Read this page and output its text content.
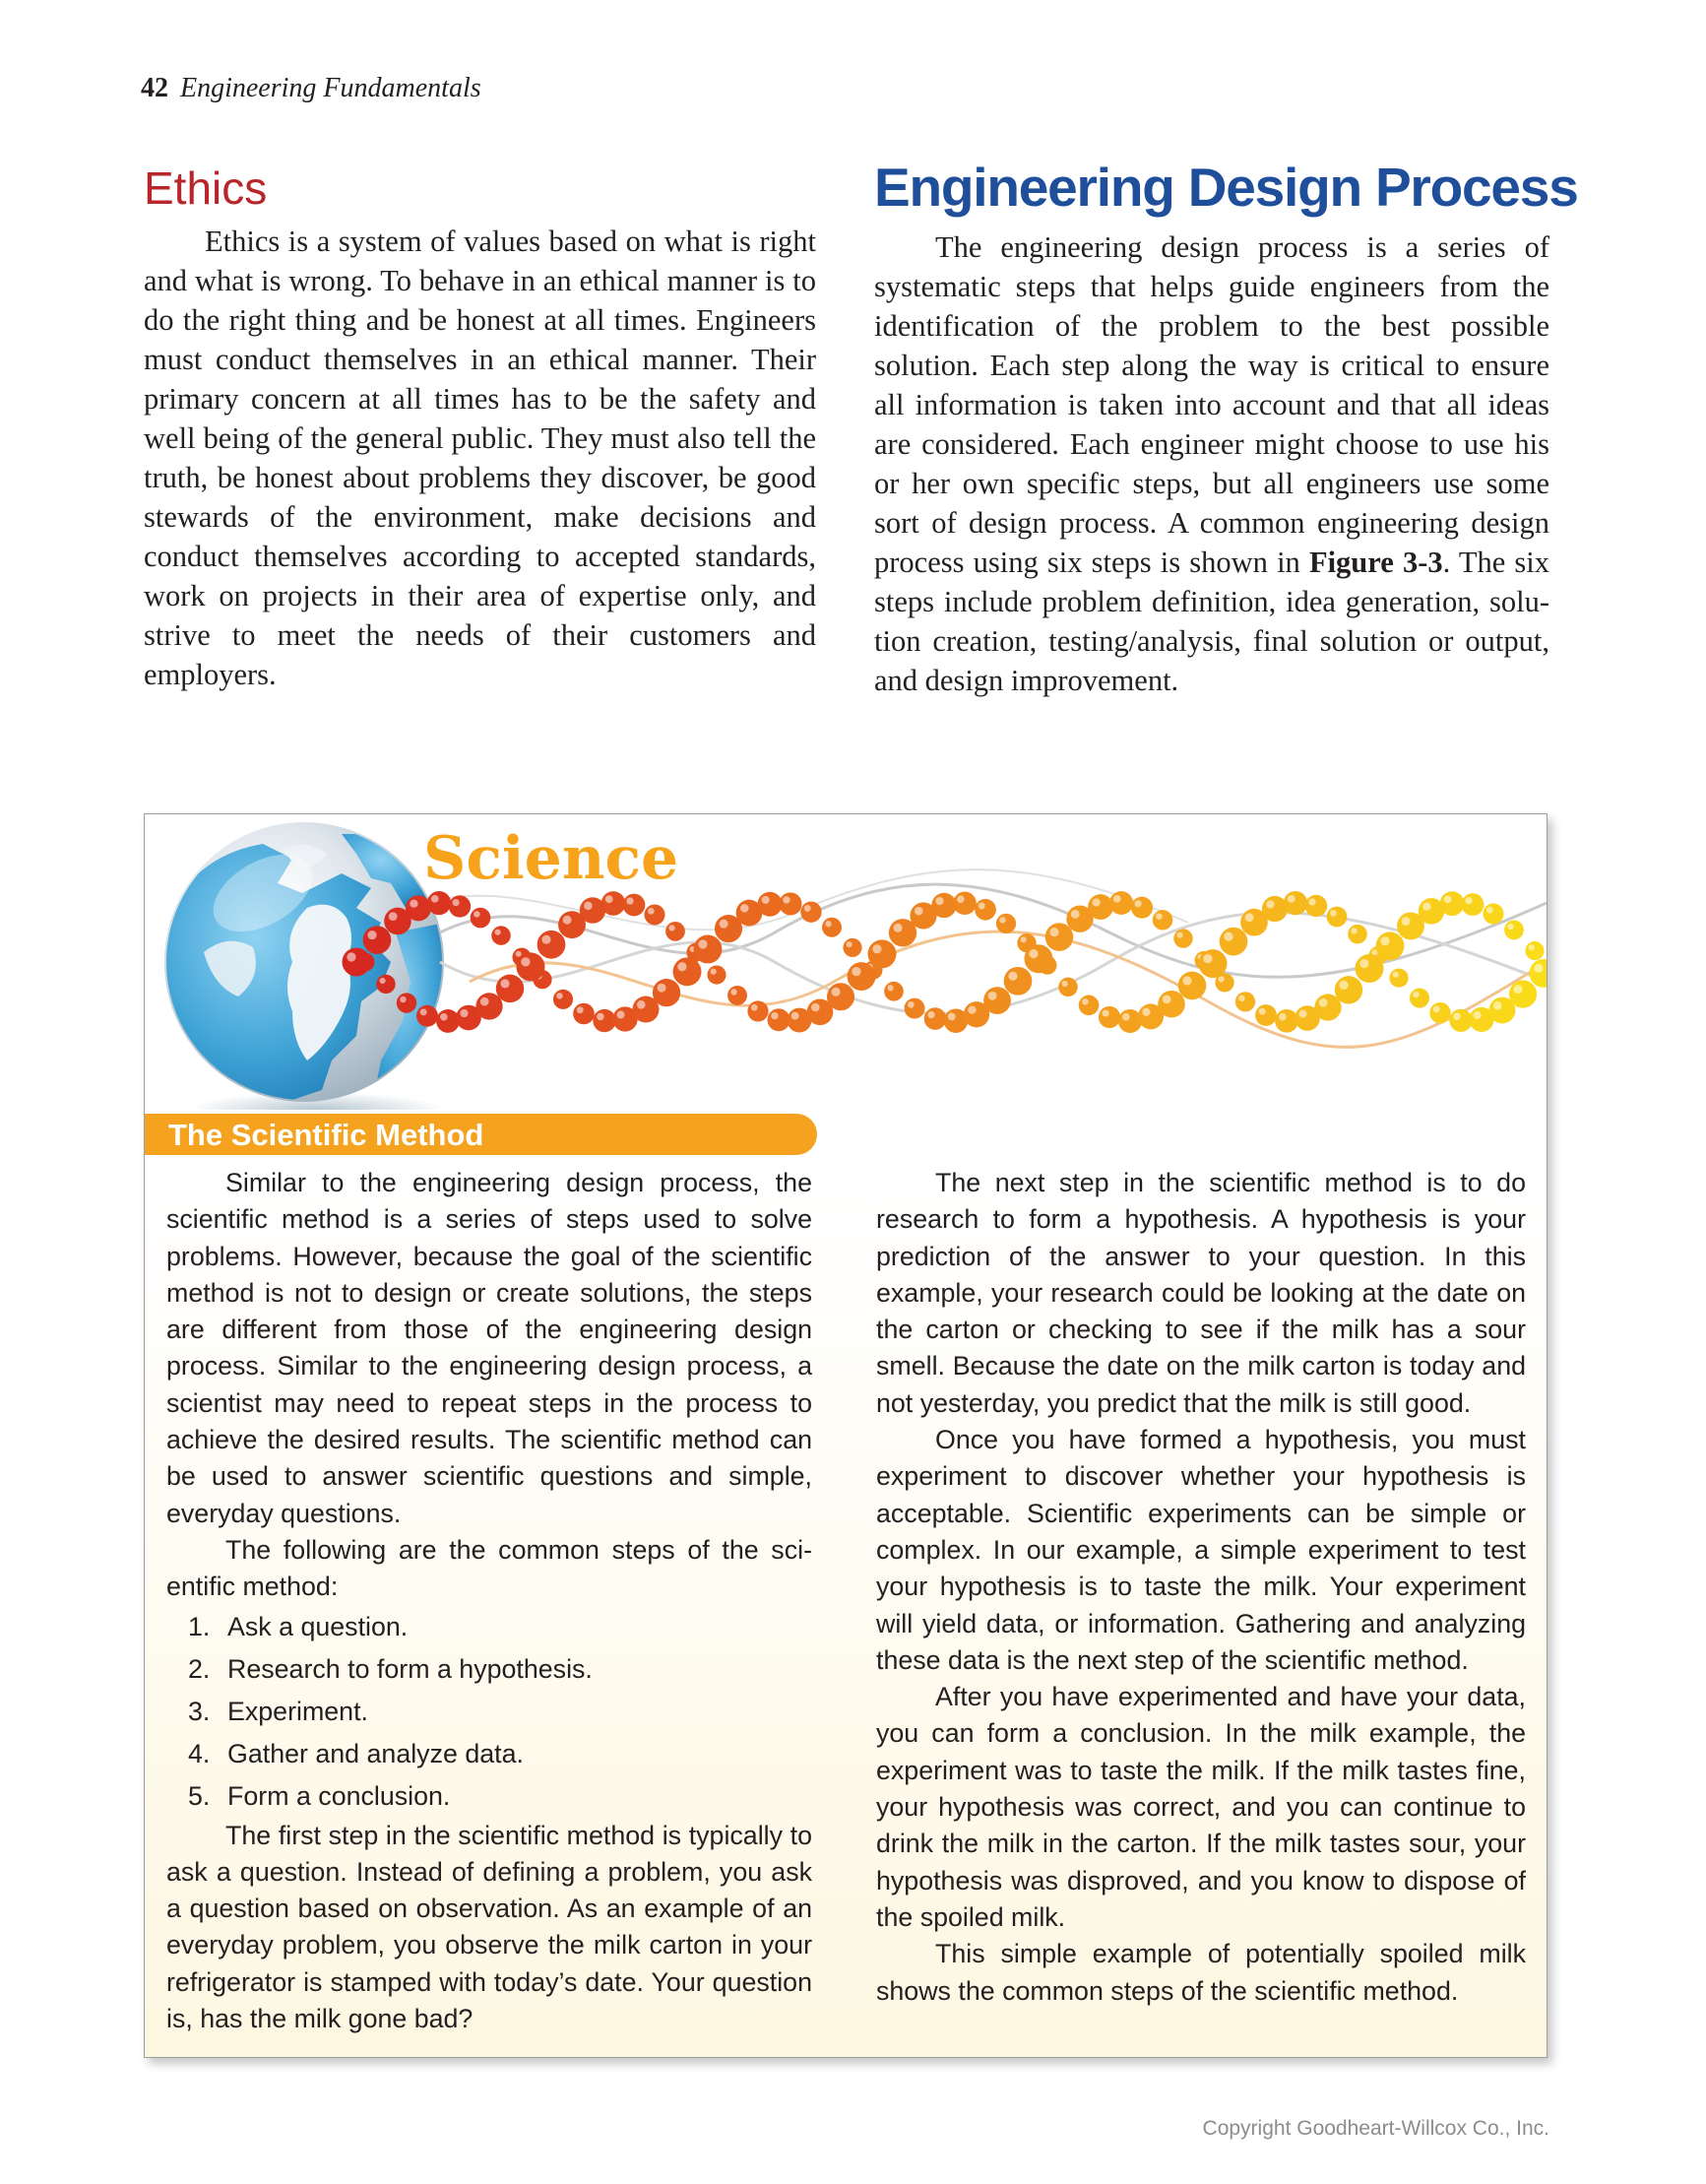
42 Engineering Fundamentals
Ethics

Ethics is a system of values based on what is right and what is wrong. To behave in an ethical manner is to do the right thing and be honest at all times. Engineers must conduct themselves in an ethical manner. Their primary concern at all times has to be the safety and well being of the general public. They must also tell the truth, be honest about problems they discover, be good stewards of the environment, make decisions and conduct themselves according to accepted standards, work on projects in their area of expertise only, and strive to meet the needs of their customers and employers.

Engineering Design Process

The engineering design process is a series of systematic steps that helps guide engineers from the identification of the problem to the best possible solution. Each step along the way is critical to ensure all information is taken into account and that all ideas are considered. Each engineer might choose to use his or her own specific steps, but all engineers use some sort of design process. A common engineering design process using six steps is shown in Figure 3-3. The six steps include problem definition, idea generation, solution creation, testing/analysis, final solution or output, and design improvement.

Science
The Scientific Method

Similar to the engineering design process, the scientific method is a series of steps used to solve problems. However, because the goal of the scientific method is not to design or create solutions, the steps are different from those of the engineering design process. Similar to the engineering design process, a scientist may need to repeat steps in the process to achieve the desired results. The scientific method can be used to answer scientific questions and simple, everyday questions.

The following are the common steps of the scientific method:

1. Ask a question.
2. Research to form a hypothesis.
3. Experiment.
4. Gather and analyze data.
5. Form a conclusion.

The first step in the scientific method is typically to ask a question. Instead of defining a problem, you ask a question based on observation. As an example of an everyday problem, you observe the milk carton in your refrigerator is stamped with today’s date. Your question is, has the milk gone bad?

The next step in the scientific method is to do research to form a hypothesis. A hypothesis is your prediction of the answer to your question. In this example, your research could be looking at the date on the carton or checking to see if the milk has a sour smell. Because the date on the milk carton is today and not yesterday, you predict that the milk is still good.

Once you have formed a hypothesis, you must experiment to discover whether your hypothesis is acceptable. Scientific experiments can be simple or complex. In our example, a simple experiment to test your hypothesis is to taste the milk. Your experiment will yield data, or information. Gathering and analyzing these data is the next step of the scientific method.

After you have experimented and have your data, you can form a conclusion. In the milk example, the experiment was to taste the milk. If the milk tastes fine, your hypothesis was correct, and you can continue to drink the milk in the carton. If the milk tastes sour, your hypothesis was disproved, and you know to dispose of the spoiled milk.

This simple example of potentially spoiled milk shows the common steps of the scientific method.

Copyright Goodheart-Willcox Co., Inc.
